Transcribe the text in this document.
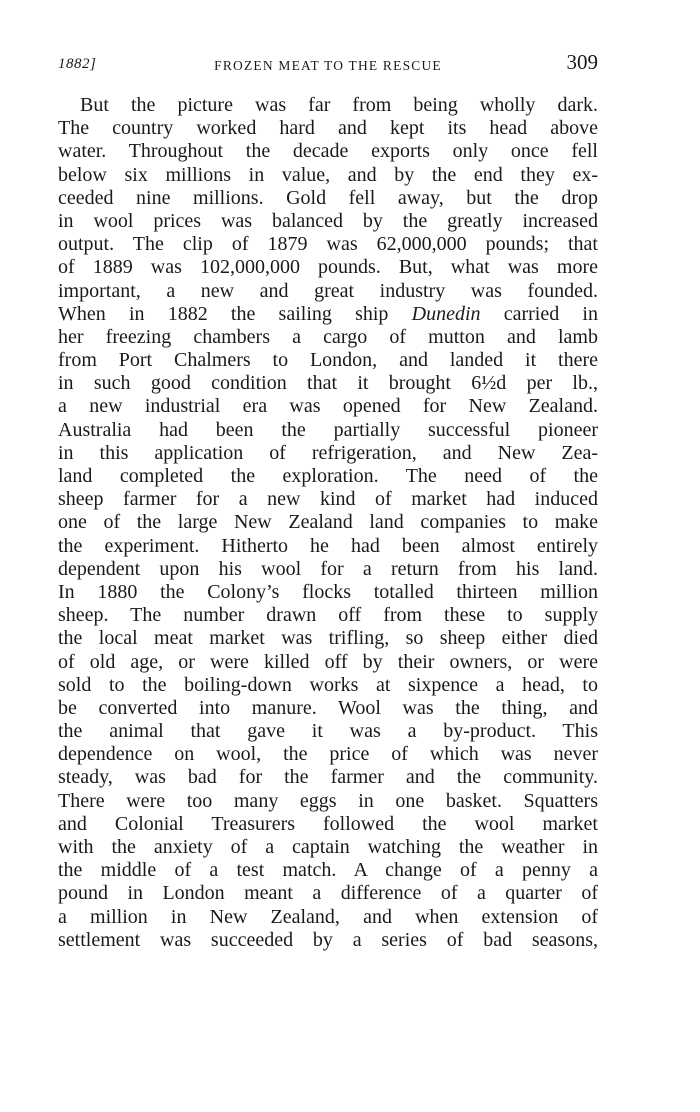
1882]	FROZEN MEAT TO THE RESCUE	309
But the picture was far from being wholly dark.
The country worked hard and kept its head above
water. Throughout the decade exports only once fell
below six millions in value, and by the end they ex-
ceeded nine millions. Gold fell away, but the drop
in wool prices was balanced by the greatly increased
output. The clip of 1879 was 62,000,000 pounds; that
of 1889 was 102,000,000 pounds. But, what was more
important, a new and great industry was founded.
When in 1882 the sailing ship Dunedin carried in
her freezing chambers a cargo of mutton and lamb
from Port Chalmers to London, and landed it there
in such good condition that it brought 6½d per lb.,
a new industrial era was opened for New Zealand.
Australia had been the partially successful pioneer
in this application of refrigeration, and New Zea-
land completed the exploration. The need of the
sheep farmer for a new kind of market had induced
one of the large New Zealand land companies to make
the experiment. Hitherto he had been almost entirely
dependent upon his wool for a return from his land.
In 1880 the Colony’s flocks totalled thirteen million
sheep. The number drawn off from these to supply
the local meat market was trifling, so sheep either died
of old age, or were killed off by their owners, or were
sold to the boiling-down works at sixpence a head, to
be converted into manure. Wool was the thing, and
the animal that gave it was a by-product. This
dependence on wool, the price of which was never
steady, was bad for the farmer and the community.
There were too many eggs in one basket. Squatters
and Colonial Treasurers followed the wool market
with the anxiety of a captain watching the weather in
the middle of a test match. A change of a penny a
pound in London meant a difference of a quarter of
a million in New Zealand, and when extension of
settlement was succeeded by a series of bad seasons,
